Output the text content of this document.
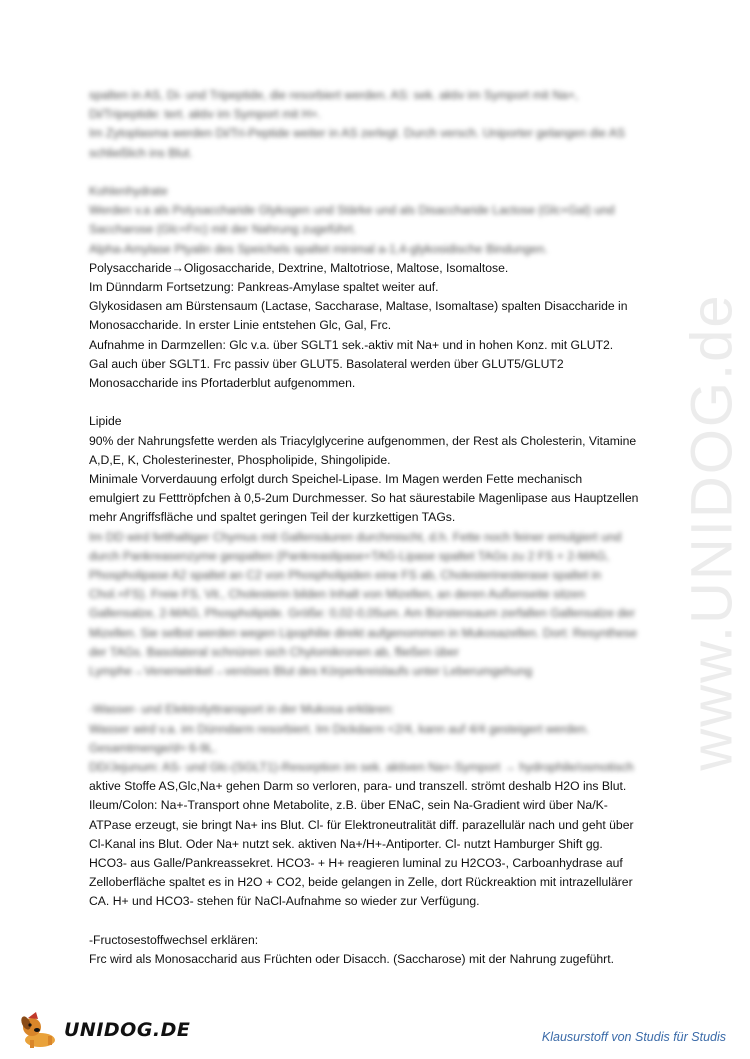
www.UNIDOG.de
spalten in AS, Di- und Tripeptide, die resorbiert werden. AS: sek. aktiv im Symport mit Na+,
Di/Tripeptide: tert. aktiv im Symport mit H+.
Im Zytoplasma werden Di/Tri-Peptide weiter in AS zerlegt. Durch versch. Uniporter gelangen die AS
schließlich ins Blut.
Kohlenhydrate
Werden v.a als Polysaccharide Glykogen und Stärke und als Disaccharide Lactose (Glc+Gal) und
Saccharose (Glc+Frc) mit der Nahrung zugeführt.
Alpha-Amylase Ptyalin des Speichels spaltet minimal a-1,4-glykosidische Bindungen.
Polysaccharide→Oligosaccharide, Dextrine, Maltotriose, Maltose, Isomaltose.
Im Dünndarm Fortsetzung: Pankreas-Amylase spaltet weiter auf.
Glykosidasen am Bürstensaum (Lactase, Saccharase, Maltase, Isomaltase) spalten Disaccharide in
Monosaccharide. In erster Linie entstehen Glc, Gal, Frc.
Aufnahme in Darmzellen: Glc v.a. über SGLT1 sek.-aktiv mit Na+ und in hohen Konz. mit GLUT2.
Gal auch über SGLT1. Frc passiv über GLUT5. Basolateral werden über GLUT5/GLUT2
Monosaccharide ins Pfortaderblut aufgenommen.
Lipide
90% der Nahrungsfette werden als Triacylglycerine aufgenommen, der Rest als Cholesterin, Vitamine
A,D,E, K, Cholesterinester, Phospholipide, Shingolipide.
Minimale Vorverdauung erfolgt durch Speichel-Lipase. Im Magen werden Fette mechanisch
emulgiert zu Fetttröpfchen à 0,5-2um Durchmesser. So hat säurestabile Magenlipase aus Hauptzellen
mehr Angriffsfläche und spaltet geringen Teil der kurzkettigen TAGs.
Im DD wird fetthaltiger Chymus mit Gallensäuren durchmischt, d.h. Fette noch feiner emulgiert und
durch Pankreasenzyme gespalten (Pankreaslipase+TAG-Lipase spaltet TAGs zu 2 FS + 2-MAG,
Phospholipase A2 spaltet an C2 von Phospholipiden eine FS ab, Cholesterinesterase spaltet in
Chol.+FS). Freie FS, Vit., Cholesterin bilden Inhalt von Mizellen, an deren Außenseite sitzen
Gallensalze, 2-MAG, Phospholipide. Größe: 0,02-0,05um. Am Bürstensaum zerfallen Gallensalze der
Mizellen. Sie selbst werden wegen Lipophilie direkt aufgenommen in Mukosazellen. Dort: Resynthese
der TAGs. Basolateral schnüren sich Chylomikronen ab, fließen über
Lymphe→Venenwinkel→venöses Blut des Körperkreislaufs unter Leberumgehung
-Wasser- und Elektrolyttransport in der Mukosa erklären:
Wasser wird v.a. im Dünndarm resorbiert. Im Dickdarm <2/4, kann auf 4/4 gesteigert werden.
Gesamtmenge/d≈ 6-9L.
DD/Jejunum: AS- und Glc-(SGLT1)-Resorption im sek. aktiven Na+-Symport → hydrophile/osmotisch
aktive Stoffe AS,Glc,Na+ gehen Darm so verloren, para- und transzell. strömt deshalb H2O ins Blut.
Ileum/Colon: Na+-Transport ohne Metabolite, z.B. über ENaC, sein Na-Gradient wird über Na/K-
ATPase erzeugt, sie bringt Na+ ins Blut. Cl- für Elektroneutralität diff. parazellulär nach und geht über
Cl-Kanal ins Blut. Oder Na+ nutzt sek. aktiven Na+/H+-Antiporter. Cl- nutzt Hamburger Shift gg.
HCO3- aus Galle/Pankreassekret. HCO3- + H+ reagieren luminal zu H2CO3-, Carboanhydrase auf
Zelloberfläche spaltet es in H2O + CO2, beide gelangen in Zelle, dort Rückreaktion mit intrazellulärer
CA. H+ und HCO3- stehen für NaCl-Aufnahme so wieder zur Verfügung.
-Fructosestoffwechsel erklären:
Frc wird als Monosaccharid aus Früchten oder Disacch. (Saccharose) mit der Nahrung zugeführt.
UNIDOG.DE	Klausurstoff von Studis für Studis
